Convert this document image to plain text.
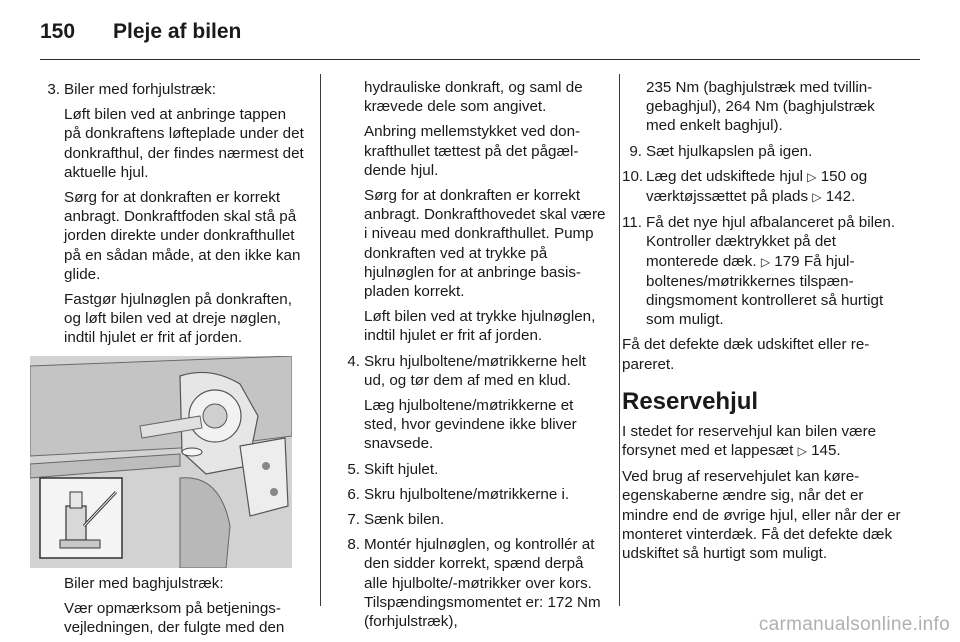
150 Pleje af bilen
3. Biler med forhjulstræk:
Løft bilen ved at anbringe tappen på donkraftens løfteplade under det donkrafthul, der findes nærmest det aktuelle hjul.
Sørg for at donkraften er korrekt anbragt. Donkraftfoden skal stå på jorden direkte under donkrafthullet på en sådan måde, at den ikke kan glide.
Fastgør hjulnøglen på donkraften, og løft bilen ved at dreje nøglen, indtil hjulet er frit af jorden.
Biler med baghjulstræk:
Vær opmærksom på betjeningsvejledningen, der fulgte med den
hydrauliske donkraft, og saml de krævede dele som angivet.
Anbring mellemstykket ved donkrafthullet tættest på det pågældende hjul.
Sørg for at donkraften er korrekt anbragt. Donkrafthovedet skal være i niveau med donkrafthullet. Pump donkraften ved at trykke på hjulnøglen for at anbringe basispladen korrekt.
Løft bilen ved at trykke hjulnøglen, indtil hjulet er frit af jorden.
4. Skru hjulboltene/møtrikkerne helt ud, og tør dem af med en klud.
Læg hjulboltene/møtrikkerne et sted, hvor gevindene ikke bliver snavsede.
5. Skift hjulet.
6. Skru hjulboltene/møtrikkerne i.
7. Sænk bilen.
8. Montér hjulnøglen, og kontrollér at den sidder korrekt, spænd derpå alle hjulbolte/-møtrikker over kors. Tilspændingsmomentet er: 172 Nm (forhjulstræk),
235 Nm (baghjulstræk med tvillingebaghjul), 264 Nm (baghjulstræk med enkelt baghjul).
9. Sæt hjulkapslen på igen.
10. Læg det udskiftede hjul ▷ 150 og værktøjssættet på plads ▷ 142.
11. Få det nye hjul afbalanceret på bilen. Kontroller dæktrykket på det monterede dæk. ▷ 179 Få hjulboltenes/møtrikkernes tilspændingsmoment kontrolleret så hurtigt som muligt.
Få det defekte dæk udskiftet eller repareret.
Reservehjul
I stedet for reservehjul kan bilen være forsynet med et lappesæt ▷ 145.
Ved brug af reservehjulet kan køreegenskaberne ændre sig, når det er mindre end de øvrige hjul, eller når der er monteret vinterdæk. Få det defekte dæk udskiftet så hurtigt som muligt.
carmanualsonline.info
